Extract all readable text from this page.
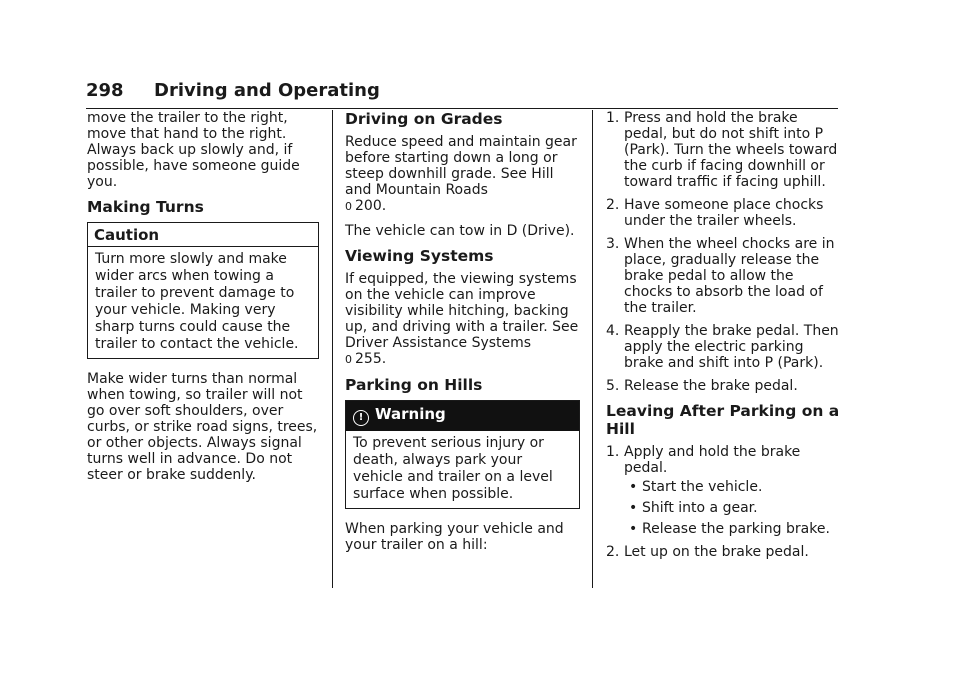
298 Driving and Operating

move the trailer to the right, move that hand to the right. Always back up slowly and, if possible, have someone guide you.

Making Turns
Caution
Turn more slowly and make wider arcs when towing a trailer to prevent damage to your vehicle. Making very sharp turns could cause the trailer to contact the vehicle.

Make wider turns than normal when towing, so trailer will not go over soft shoulders, over curbs, or strike road signs, trees, or other objects. Always signal turns well in advance. Do not steer or brake suddenly.

Driving on Grades

Reduce speed and maintain gear before starting down a long or steep downhill grade. See Hill and Mountain Roads
0 200.

The vehicle can tow in D (Drive).

Viewing Systems

If equipped, the viewing systems on the vehicle can improve visibility while hitching, backing up, and driving with a trailer. See Driver Assistance Systems
0 255.

Parking on Hills
! Warning
To prevent serious injury or death, always park your vehicle and trailer on a level surface when possible.

When parking your vehicle and your trailer on a hill:

1. Press and hold the brake pedal, but do not shift into P (Park). Turn the wheels toward the curb if facing downhill or toward traffic if facing uphill.
2. Have someone place chocks under the trailer wheels.
3. When the wheel chocks are in place, gradually release the brake pedal to allow the chocks to absorb the load of the trailer.
4. Reapply the brake pedal. Then apply the electric parking brake and shift into P (Park).
5. Release the brake pedal.
Leaving After Parking on a Hill
1. Apply and hold the brake pedal.
• Start the vehicle.
• Shift into a gear.
• Release the parking brake.
2. Let up on the brake pedal.
